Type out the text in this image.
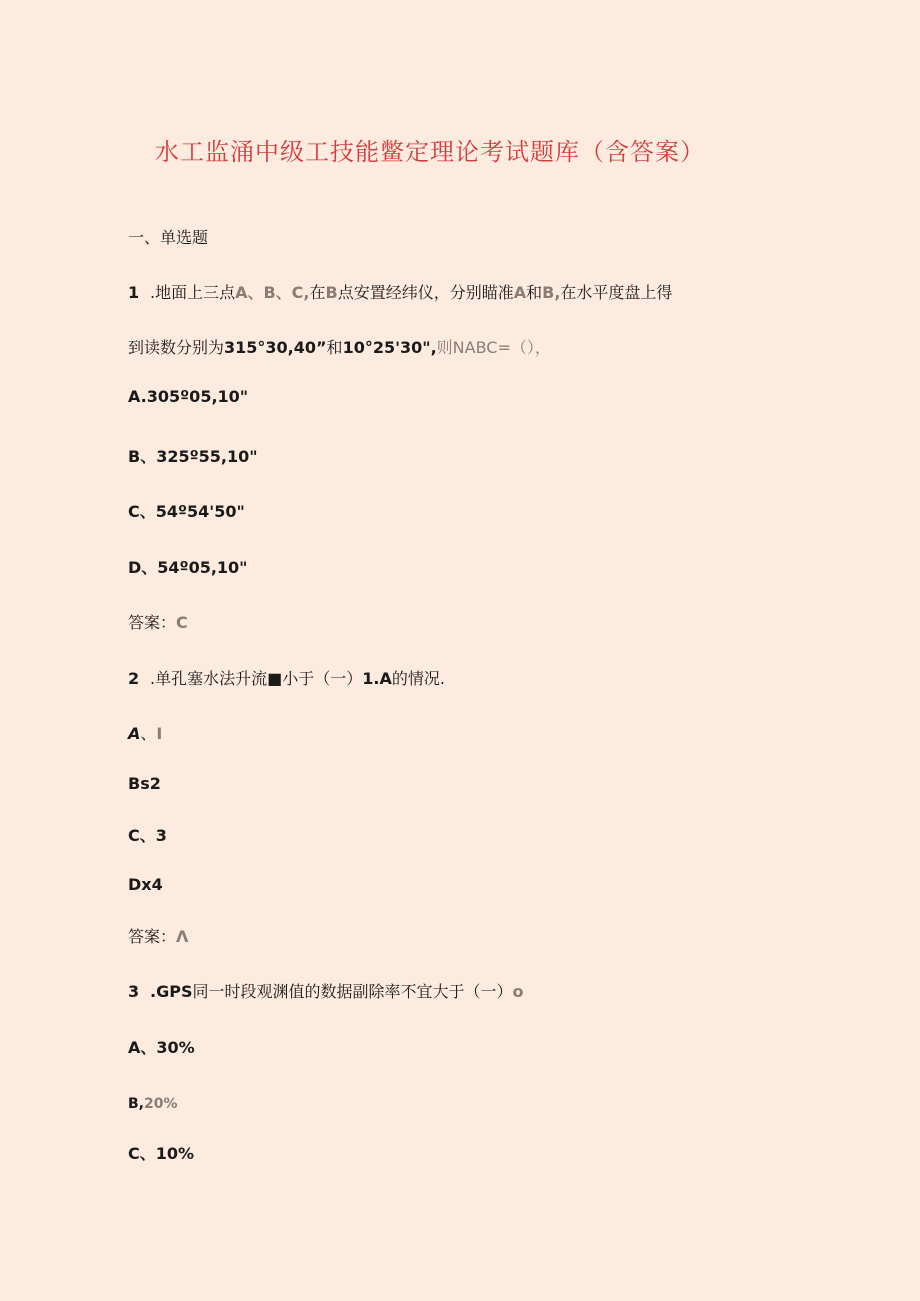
水工监涌中级工技能鳖定理论考试题库（含答案）
一、单选题
1 .地面上三点A、B、C,在B点安置经纬仪，分别瞄准A和B,在水平度盘上得
到读数分别为315°30,40”和10°25'30",则NABC=（），
A.305º05,10"
B、325º55,10"
C、54º54'50"
D、54º05,10"
答案：C
2 .单孔塞水法升流■小于（一）1.A的情况.
A、I
Bs2
C、3
Dx4
答案：Λ
3 .GPS同一时段观渊值的数据副除率不宜大于（一）o
A、30%
B,20%
C、10%
